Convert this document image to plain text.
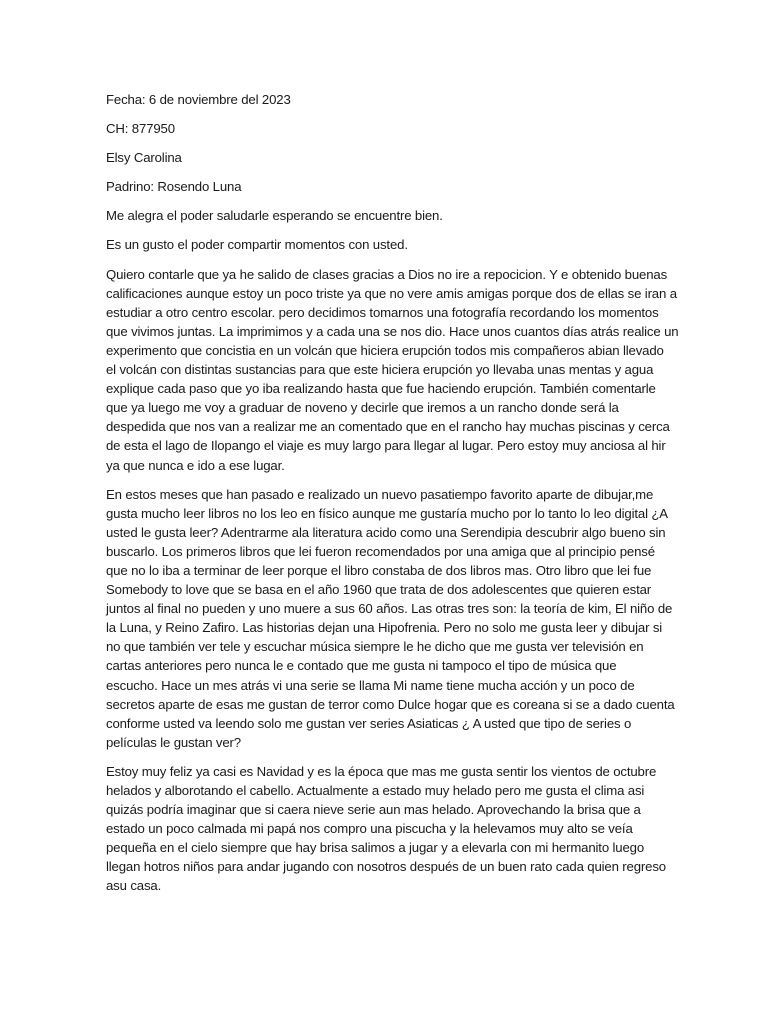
Fecha: 6 de noviembre del 2023

CH: 877950

Elsy Carolina

Padrino: Rosendo Luna

Me alegra el poder saludarle esperando se encuentre bien.

Es un gusto el poder compartir momentos con usted.

Quiero contarle que ya he salido de clases gracias a Dios no ire a repocicion. Y e obtenido buenas
calificaciones aunque estoy un poco triste ya que no vere amis amigas porque dos de ellas se iran a
estudiar a otro centro escolar. pero decidimos tomarnos una fotografía recordando los momentos
que vivimos juntas. La imprimimos y a cada una se nos dio. Hace unos cuantos días atrás realice un
experimento que concistia en un volcán que hiciera erupción todos mis compañeros abian llevado
el volcán con distintas sustancias para que este hiciera erupción yo llevaba unas mentas y agua
explique cada paso que yo iba realizando hasta que fue haciendo erupción. También comentarle
que ya luego me voy a graduar de noveno y decirle que iremos a un rancho donde será la
despedida que nos van a realizar me an comentado que en el rancho hay muchas piscinas y cerca
de esta el lago de Ilopango el viaje es muy largo para llegar al lugar. Pero estoy muy anciosa al hir
ya que nunca e ido a ese lugar.
En estos meses que han pasado e realizado un nuevo pasatiempo favorito aparte de dibujar,me
gusta mucho leer libros no los leo en físico aunque me gustaría mucho por lo tanto lo leo digital ¿A
usted le gusta leer? Adentrarme ala literatura acido como una Serendipia descubrir algo bueno sin
buscarlo. Los primeros libros que lei fueron recomendados por una amiga que al principio pensé
que no lo iba a terminar de leer porque el libro constaba de dos libros mas. Otro libro que lei fue
Somebody to love que se basa en el año 1960 que trata de dos adolescentes que quieren estar
juntos al final no pueden y uno muere a sus 60 años. Las otras tres son: la teoría de kim, El niño de
la Luna, y Reino Zafiro. Las historias dejan una Hipofrenia. Pero no solo me gusta leer y dibujar si
no que también ver tele y escuchar música siempre le he dicho que me gusta ver televisión en
cartas anteriores pero nunca le e contado que me gusta ni tampoco el tipo de música que
escucho. Hace un mes atrás vi una serie se llama Mi name tiene mucha acción y un poco de
secretos aparte de esas me gustan de terror como Dulce hogar que es coreana si se a dado cuenta
conforme usted va leendo solo me gustan ver series Asiaticas ¿ A usted que tipo de series o
películas le gustan ver?
Estoy muy feliz ya casi es Navidad y es la época que mas me gusta sentir los vientos de octubre
helados y alborotando el cabello. Actualmente a estado muy helado pero me gusta el clima asi
quizás podría imaginar que si caera nieve serie aun mas helado. Aprovechando la brisa que a
estado un poco calmada mi papá nos compro una piscucha y la helevamos muy alto se veía
pequeña en el cielo siempre que hay brisa salimos a jugar y a elevarla con mi hermanito luego
llegan hotros niños para andar jugando con nosotros después de un buen rato cada quien regreso
asu casa.
